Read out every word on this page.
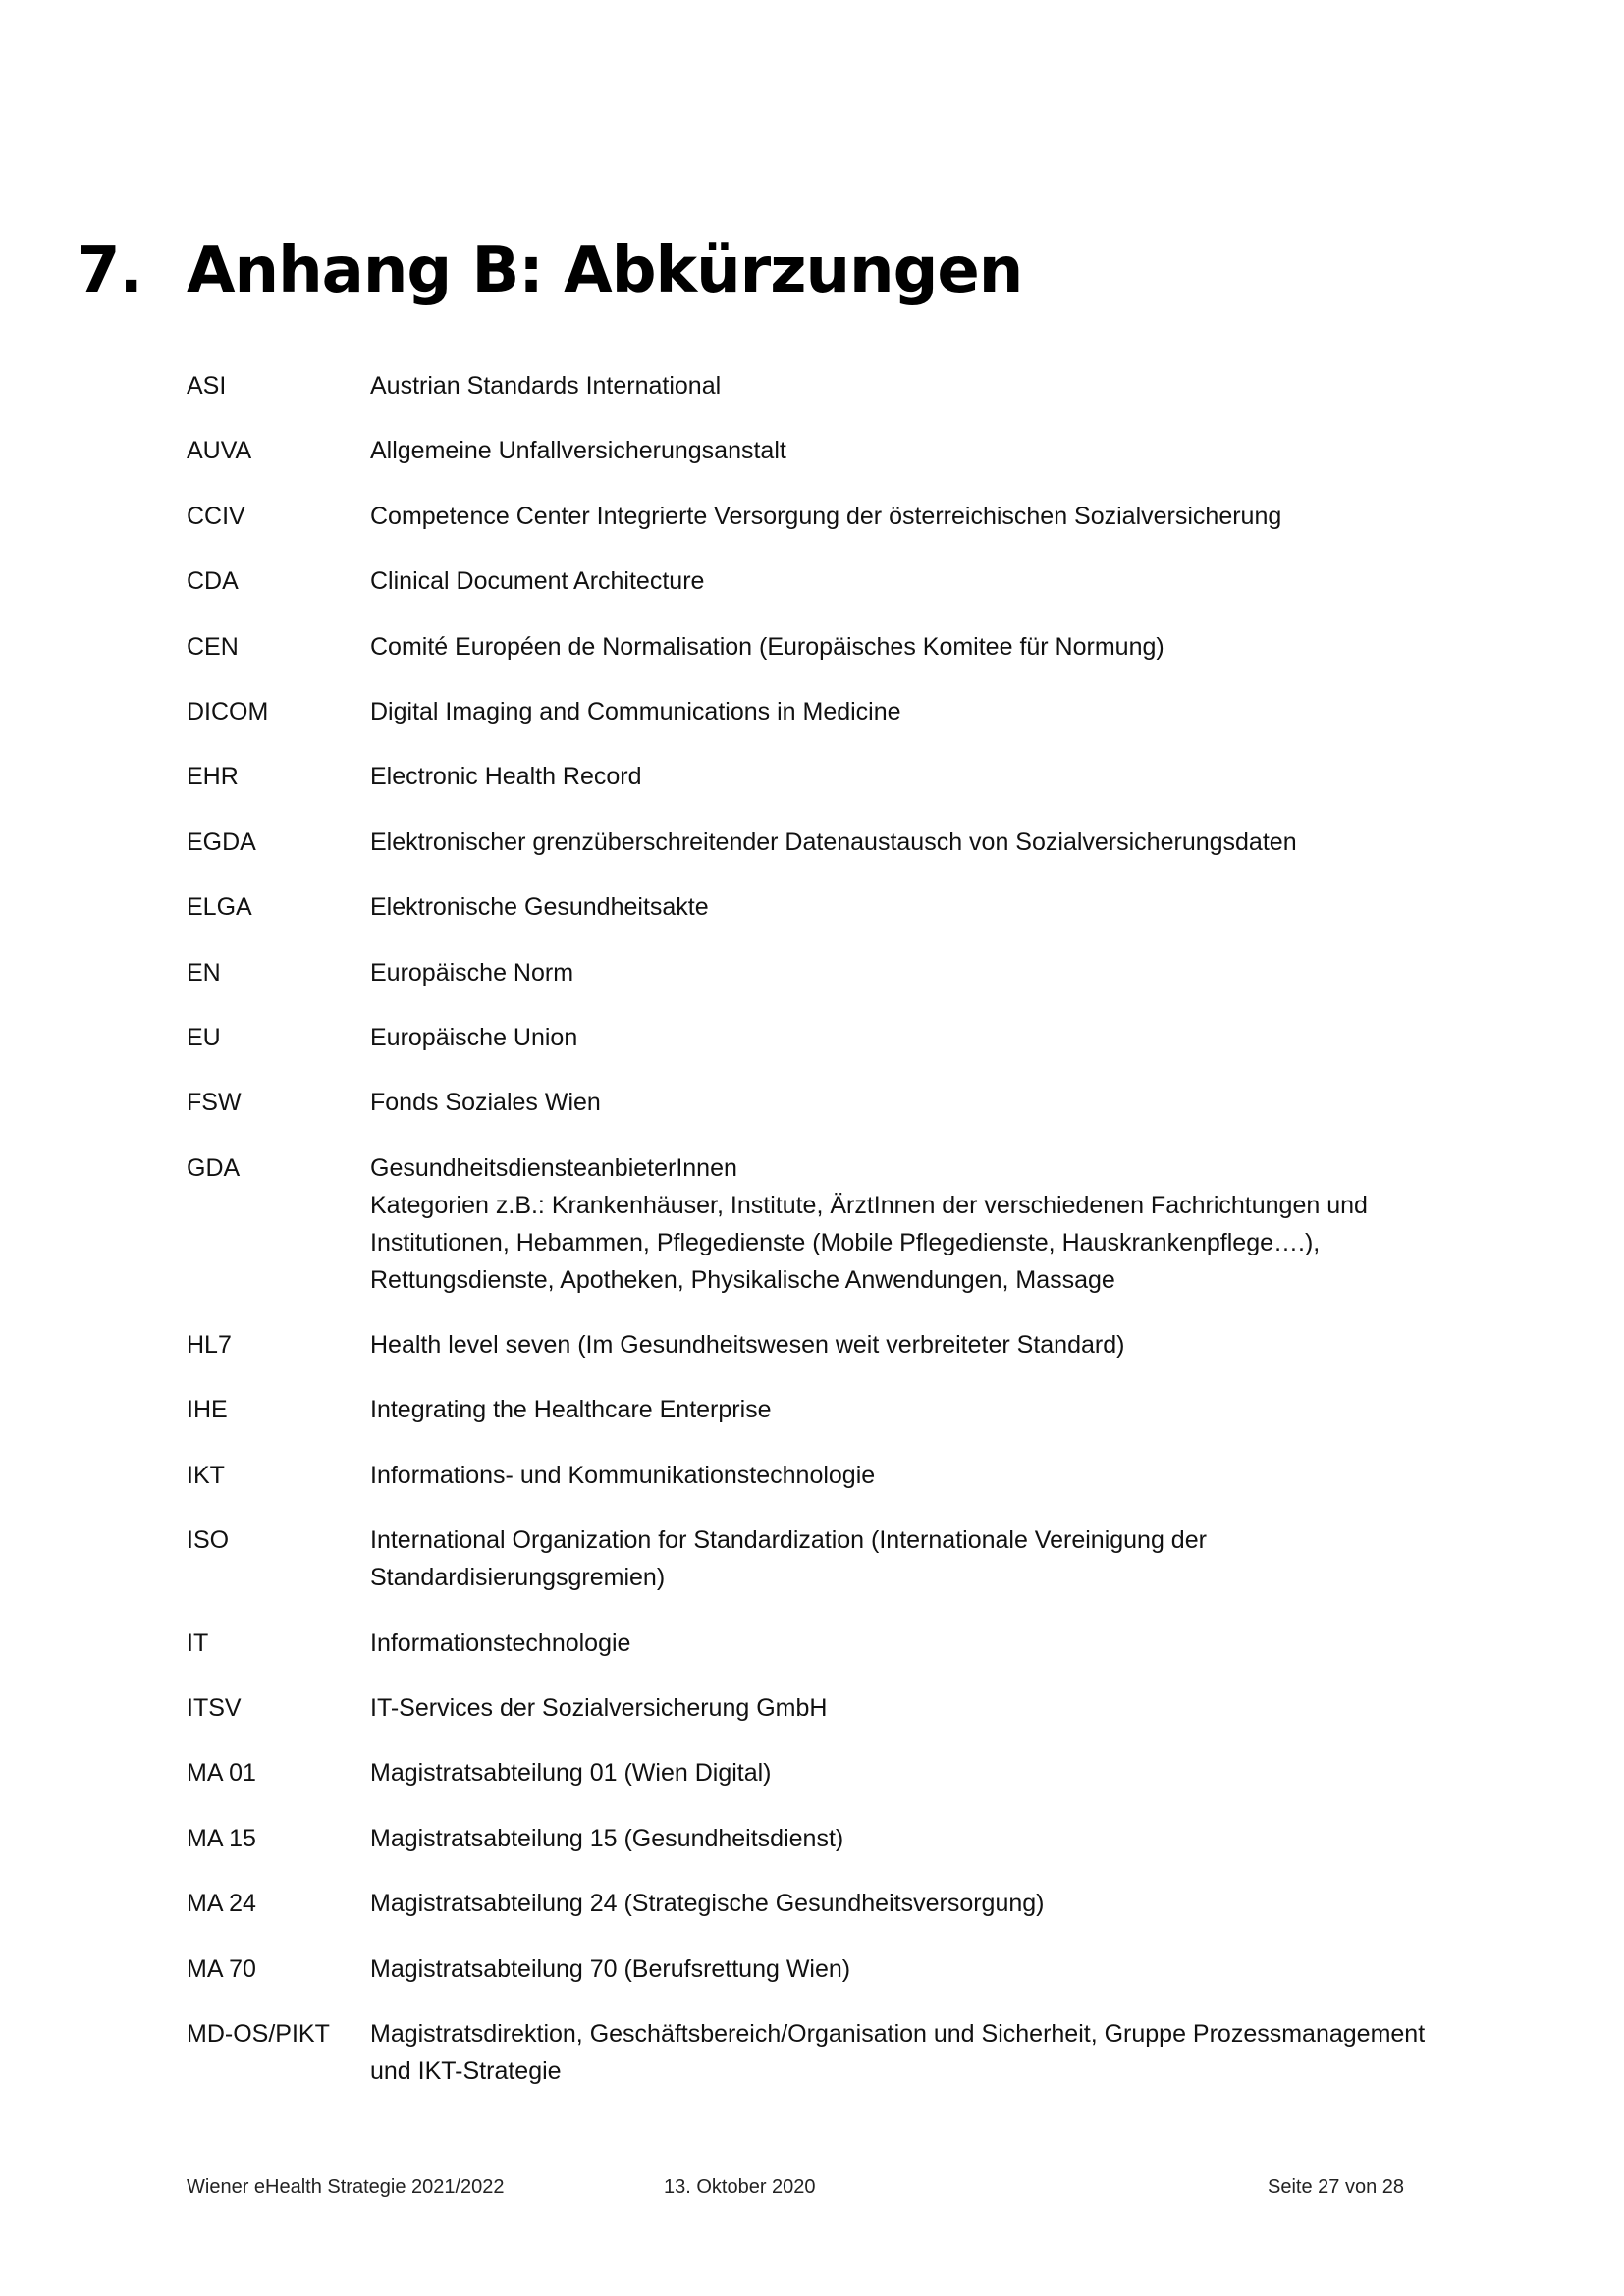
7. Anhang B: Abkürzungen
ASI	Austrian Standards International
AUVA	Allgemeine Unfallversicherungsanstalt
CCIV	Competence Center Integrierte Versorgung der österreichischen Sozialversicherung
CDA	Clinical Document Architecture
CEN	Comité Européen de Normalisation (Europäisches Komitee für Normung)
DICOM	Digital Imaging and Communications in Medicine
EHR	Electronic Health Record
EGDA	Elektronischer grenzüberschreitender Datenaustausch von Sozialversicherungsdaten
ELGA	Elektronische Gesundheitsakte
EN	Europäische Norm
EU	Europäische Union
FSW	Fonds Soziales Wien
GDA	GesundheitsdiensteanbieterInnen
Kategorien z.B.: Krankenhäuser, Institute, ÄrztInnen der verschiedenen Fachrichtungen und
Institutionen, Hebammen, Pflegedienste (Mobile Pflegedienste, Hauskrankenpflege….),
Rettungsdienste, Apotheken, Physikalische Anwendungen, Massage
HL7	Health level seven (Im Gesundheitswesen weit verbreiteter Standard)
IHE	Integrating the Healthcare Enterprise
IKT	Informations- und Kommunikationstechnologie
ISO	International Organization for Standardization (Internationale Vereinigung der
Standardisierungsgremien)
IT	Informationstechnologie
ITSV	IT-Services der Sozialversicherung GmbH
MA 01	Magistratsabteilung 01 (Wien Digital)
MA 15	Magistratsabteilung 15 (Gesundheitsdienst)
MA 24	Magistratsabteilung 24 (Strategische Gesundheitsversorgung)
MA 70	Magistratsabteilung 70 (Berufsrettung Wien)
MD-OS/PIKT	Magistratsdirektion, Geschäftsbereich/Organisation und Sicherheit, Gruppe Prozessmanagement
und IKT-Strategie
Wiener eHealth Strategie 2021/2022	13. Oktober 2020	Seite 27 von 28
